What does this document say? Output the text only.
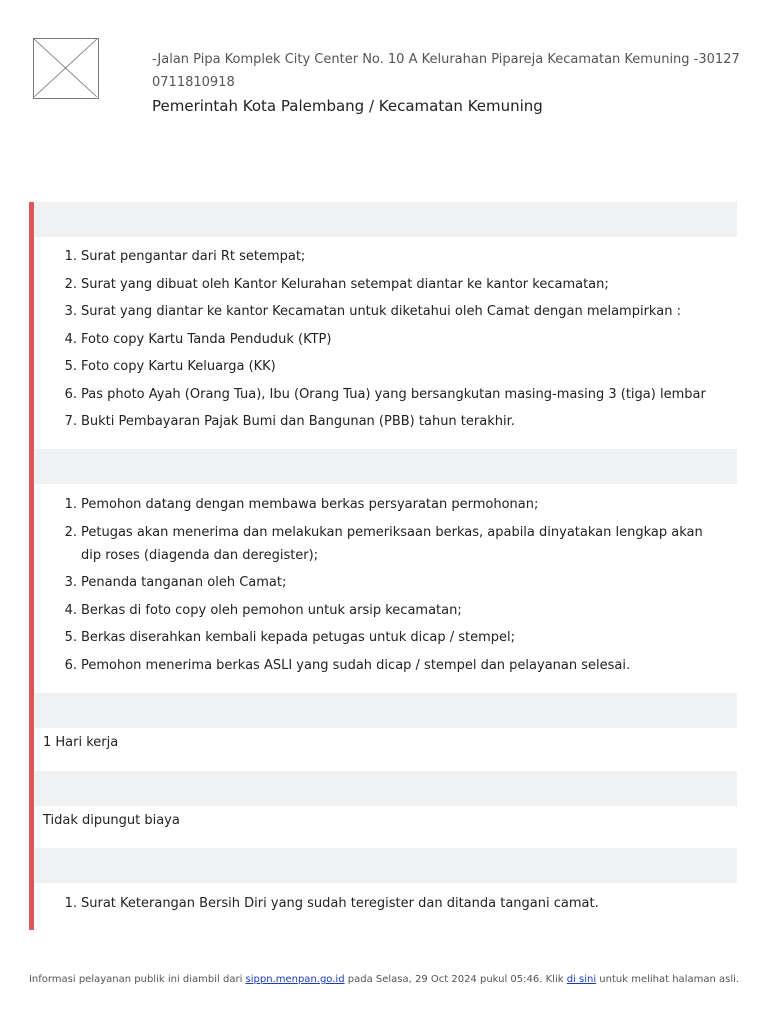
-Jalan Pipa Komplek City Center No. 10 A Kelurahan Pipareja Kecamatan Kemuning -30127
0711810918
Pemerintah Kota Palembang / Kecamatan Kemuning
1. Surat pengantar dari Rt setempat;
2. Surat yang dibuat oleh Kantor Kelurahan setempat diantar ke kantor kecamatan;
3. Surat yang diantar ke kantor Kecamatan untuk diketahui oleh Camat dengan melampirkan :
4. Foto copy Kartu Tanda Penduduk (KTP)
5. Foto copy Kartu Keluarga (KK)
6. Pas photo Ayah (Orang Tua), Ibu (Orang Tua) yang bersangkutan masing-masing 3 (tiga) lembar
7. Bukti Pembayaran Pajak Bumi dan Bangunan (PBB) tahun terakhir.
1. Pemohon datang dengan membawa berkas persyaratan permohonan;
2. Petugas akan menerima dan melakukan pemeriksaan berkas, apabila dinyatakan lengkap akan dip roses (diagenda dan deregister);
3. Penanda tanganan oleh Camat;
4. Berkas di foto copy oleh pemohon untuk arsip kecamatan;
5. Berkas diserahkan kembali kepada petugas untuk dicap / stempel;
6. Pemohon menerima berkas ASLI yang sudah dicap / stempel dan pelayanan selesai.
1 Hari kerja
Tidak dipungut biaya
1. Surat Keterangan Bersih Diri yang sudah teregister dan ditanda tangani camat.
Informasi pelayanan publik ini diambil dari sippn.menpan.go.id pada Selasa, 29 Oct 2024 pukul 05:46. Klik di sini untuk melihat halaman asli.
